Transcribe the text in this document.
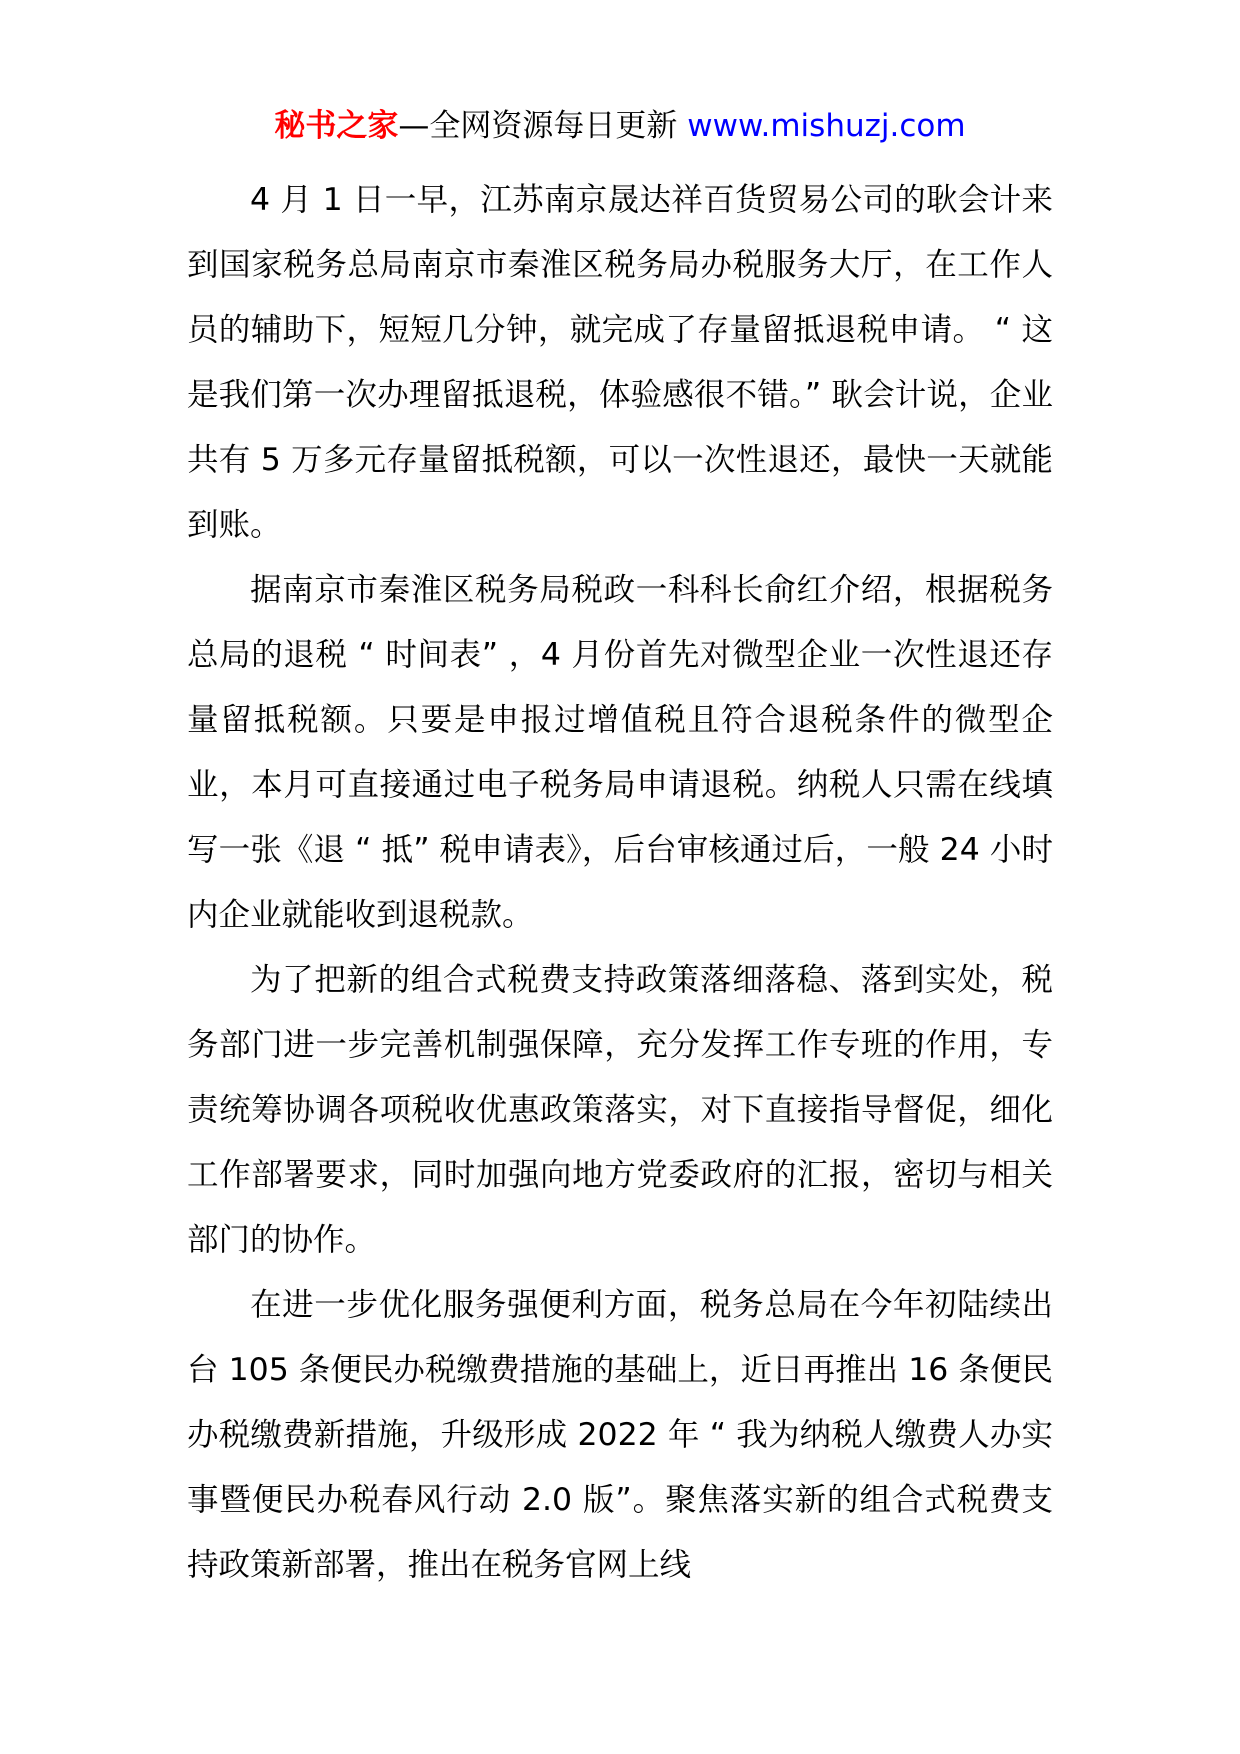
秘书之家—全网资源每日更新 www.mishuzj.com

4 月 1 日一早，江苏南京晟达祥百货贸易公司的耿会计来到国家税务总局南京市秦淮区税务局办税服务大厅，在工作人员的辅助下，短短几分钟，就完成了存量留抵退税申请。 “ 这是我们第一次办理留抵退税，体验感很不错。” 耿会计说，企业共有 5 万多元存量留抵税额，可以一次性退还，最快一天就能到账。

据南京市秦淮区税务局税政一科科长俞红介绍，根据税务总局的退税 “ 时间表” ，4 月份首先对微型企业一次性退还存量留抵税额。只要是申报过增值税且符合退税条件的微型企业，本月可直接通过电子税务局申请退税。纳税人只需在线填写一张《退 “ 抵” 税申请表》，后台审核通过后，一般 24 小时内企业就能收到退税款。

为了把新的组合式税费支持政策落细落稳、落到实处，税务部门进一步完善机制强保障，充分发挥工作专班的作用，专责统筹协调各项税收优惠政策落实，对下直接指导督促，细化工作部署要求，同时加强向地方党委政府的汇报，密切与相关部门的协作。

在进一步优化服务强便利方面，税务总局在今年初陆续出台 105 条便民办税缴费措施的基础上，近日再推出 16 条便民办税缴费新措施，升级形成 2022 年 “ 我为纳税人缴费人办实事暨便民办税春风行动 2.0 版”。聚焦落实新的组合式税费支持政策新部署，推出在税务官网上线
